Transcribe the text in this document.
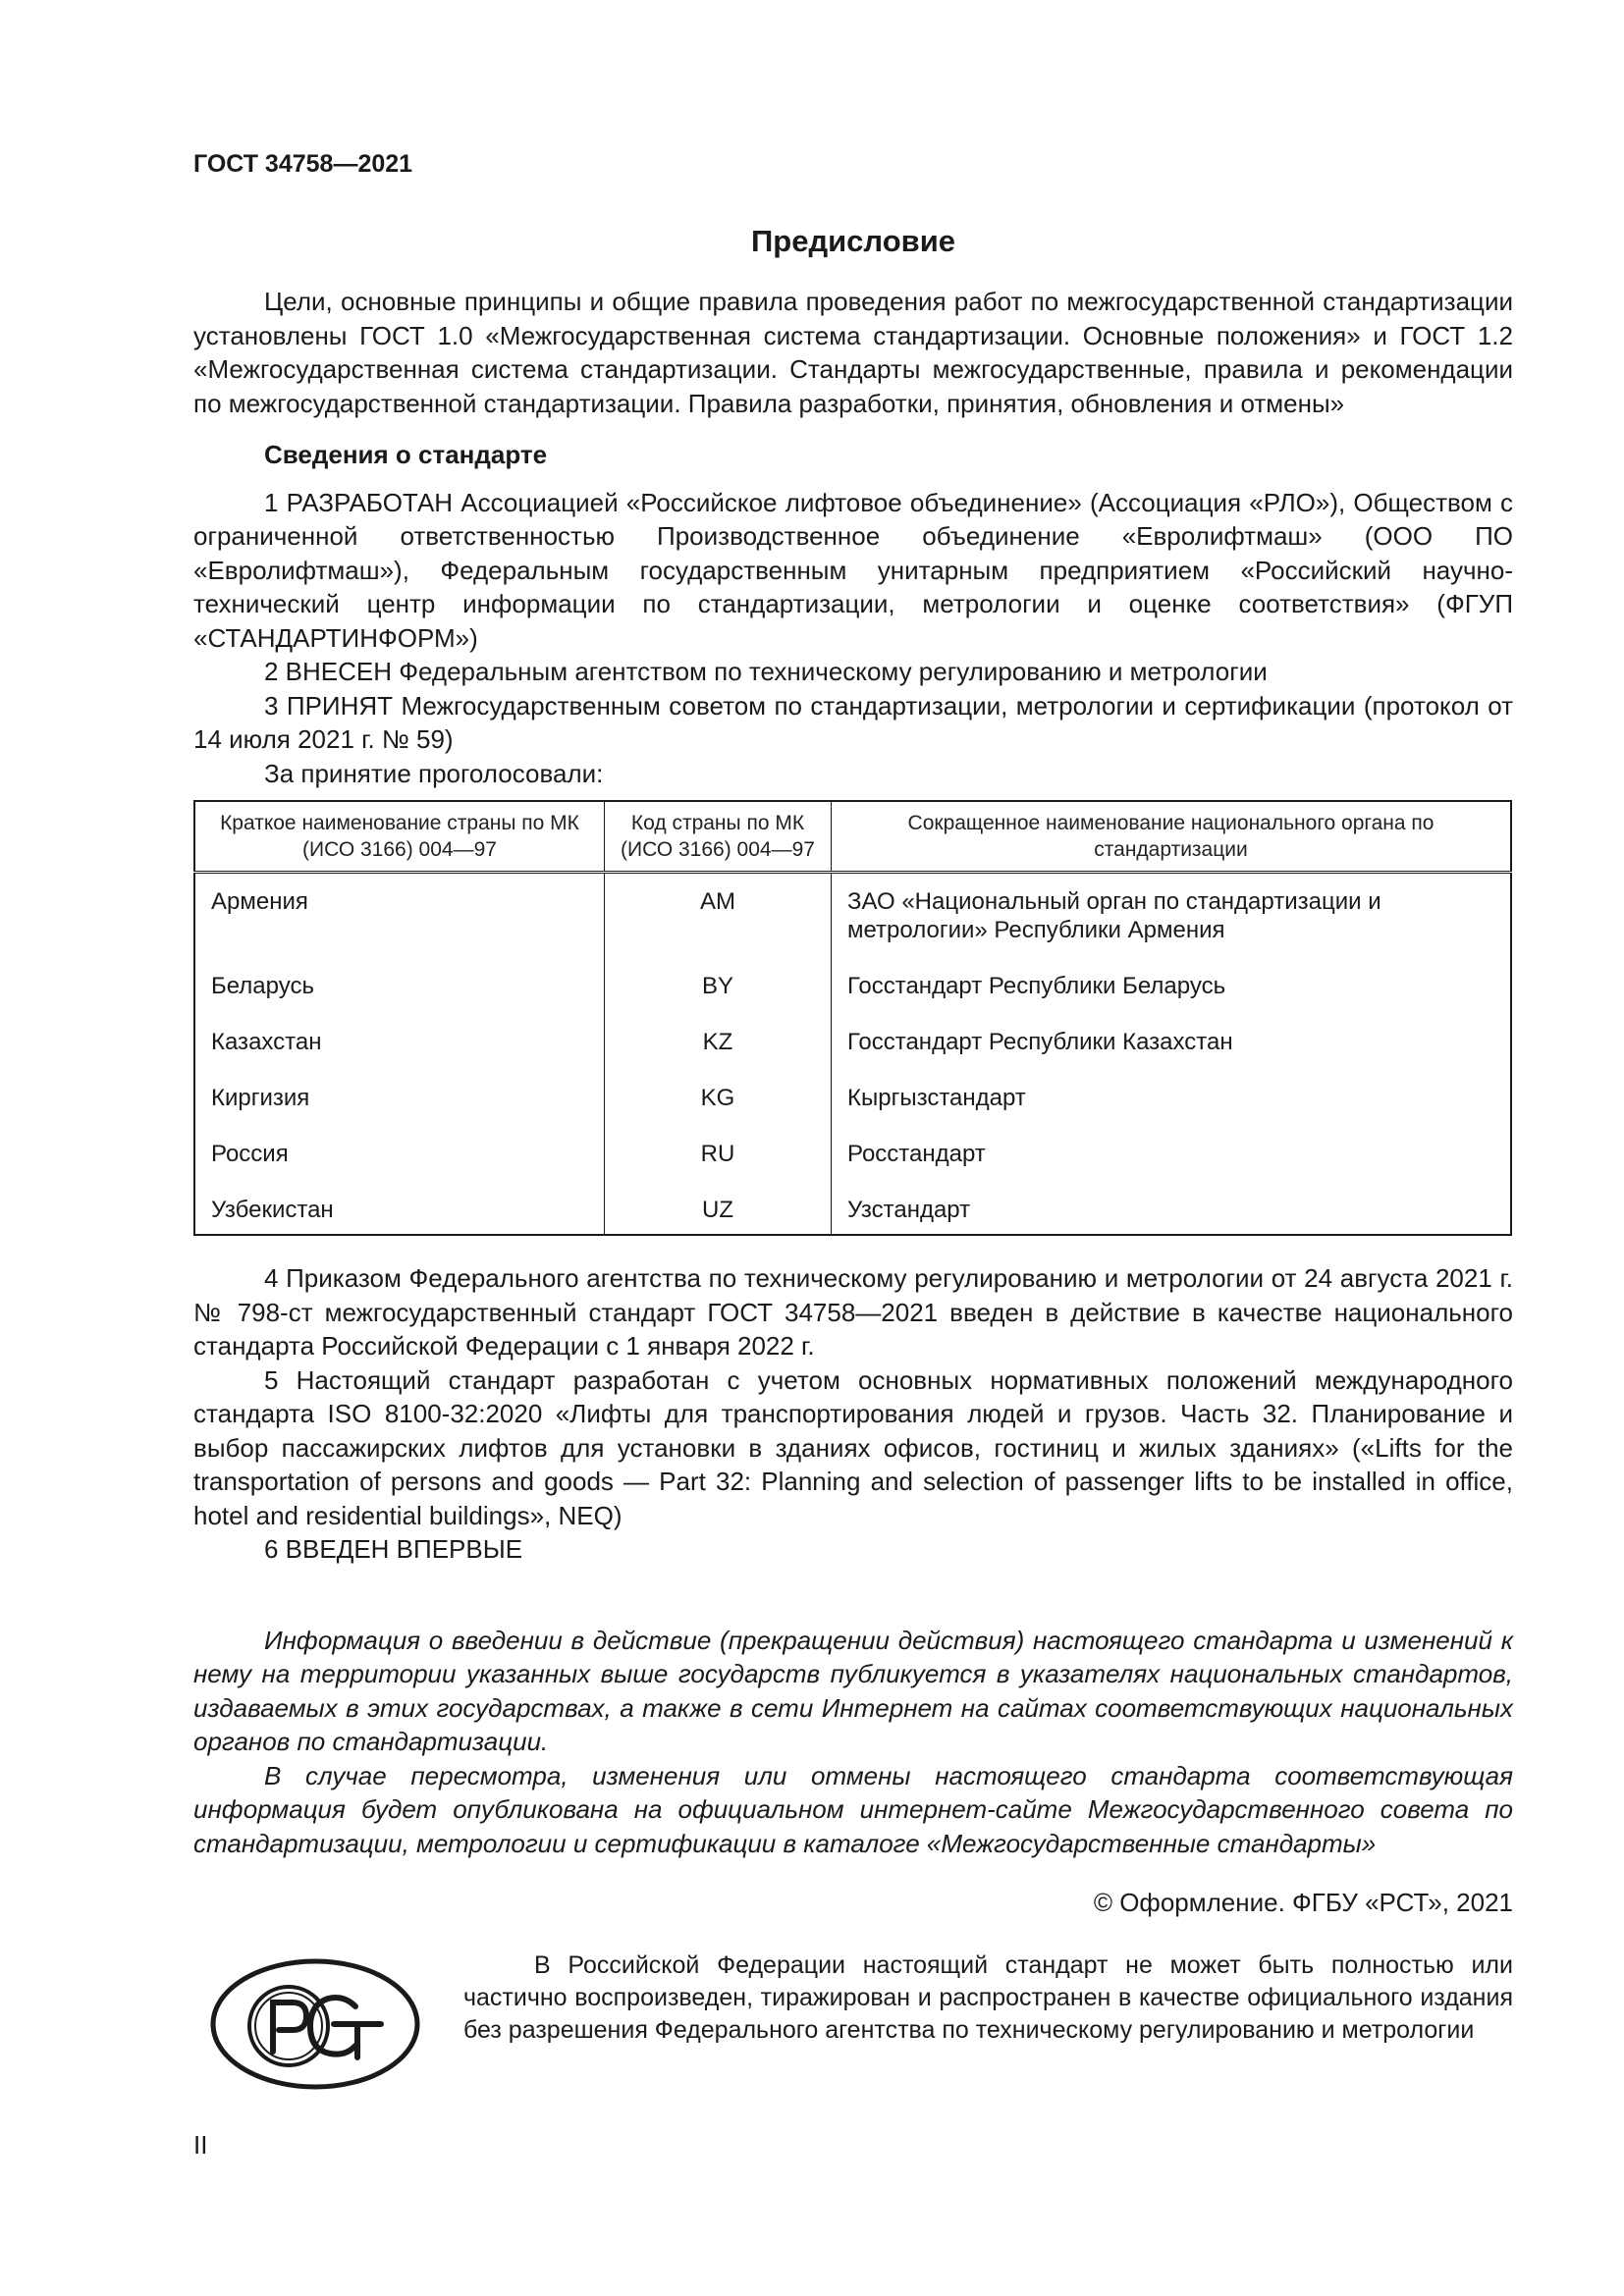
ГОСТ 34758—2021
Предисловие

Цели, основные принципы и общие правила проведения работ по межгосударственной стандартизации установлены ГОСТ 1.0 «Межгосударственная система стандартизации. Основные положения» и ГОСТ 1.2 «Межгосударственная система стандартизации. Стандарты межгосударственные, правила и рекомендации по межгосударственной стандартизации. Правила разработки, принятия, обновления и отмены»

Сведения о стандарте

1 РАЗРАБОТАН Ассоциацией «Российское лифтовое объединение» (Ассоциация «РЛО»), Обществом с ограниченной ответственностью Производственное объединение «Евролифтмаш» (ООО ПО «Евролифтмаш»), Федеральным государственным унитарным предприятием «Российский научно-технический центр информации по стандартизации, метрологии и оценке соответствия» (ФГУП «СТАНДАРТИНФОРМ»)

2 ВНЕСЕН Федеральным агентством по техническому регулированию и метрологии

3 ПРИНЯТ Межгосударственным советом по стандартизации, метрологии и сертификации (протокол от 14 июля 2021 г. № 59)

За принятие проголосовали:

Краткое наименование страны по МК (ИСО 3166) 004—97	Код страны по МК (ИСО 3166) 004—97	Сокращенное наименование национального органа по стандартизации
Армения	AM	ЗАО «Национальный орган по стандартизации и метрологии» Республики Армения
Беларусь	BY	Госстандарт Республики Беларусь
Казахстан	KZ	Госстандарт Республики Казахстан
Киргизия	KG	Кыргызстандарт
Россия	RU	Росстандарт
Узбекистан	UZ	Узстандарт

4 Приказом Федерального агентства по техническому регулированию и метрологии от 24 августа 2021 г. № 798-ст межгосударственный стандарт ГОСТ 34758—2021 введен в действие в качестве национального стандарта Российской Федерации с 1 января 2022 г.

5 Настоящий стандарт разработан с учетом основных нормативных положений международного стандарта ISO 8100-32:2020 «Лифты для транспортирования людей и грузов. Часть 32. Планирование и выбор пассажирских лифтов для установки в зданиях офисов, гостиниц и жилых зданиях» («Lifts for the transportation of persons and goods — Part 32: Planning and selection of passenger lifts to be installed in office, hotel and residential buildings», NEQ)

6 ВВЕДЕН ВПЕРВЫЕ

Информация о введении в действие (прекращении действия) настоящего стандарта и изменений к нему на территории указанных выше государств публикуется в указателях национальных стандартов, издаваемых в этих государствах, а также в сети Интернет на сайтах соответствующих национальных органов по стандартизации.

В случае пересмотра, изменения или отмены настоящего стандарта соответствующая информация будет опубликована на официальном интернет-сайте Межгосударственного совета по стандартизации, метрологии и сертификации в каталоге «Межгосударственные стандарты»

© Оформление. ФГБУ «РСТ», 2021
В Российской Федерации настоящий стандарт не может быть полностью или частично воспроизведен, тиражирован и распространен в качестве официального издания без разрешения Федерального агентства по техническому регулированию и метрологии
II
